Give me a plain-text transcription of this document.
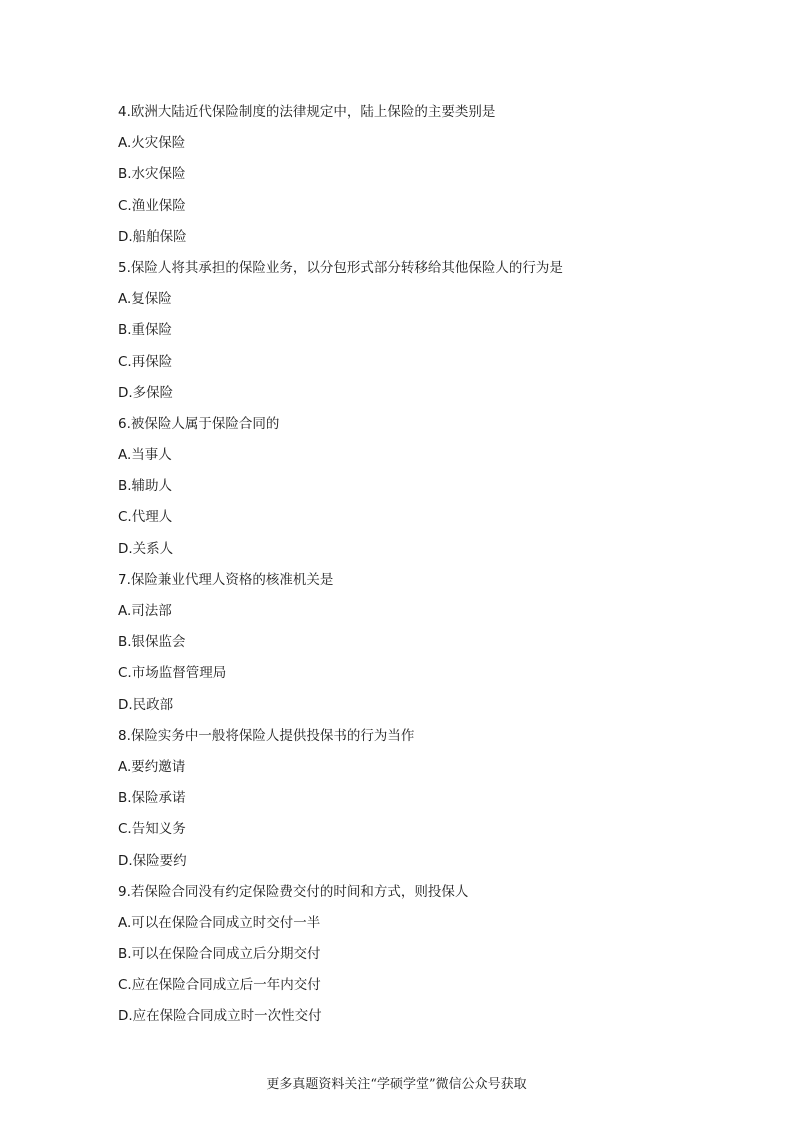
4.欧洲大陆近代保险制度的法律规定中，陆上保险的主要类别是
A.火灾保险
B.水灾保险
C.渔业保险
D.船舶保险
5.保险人将其承担的保险业务，以分包形式部分转移给其他保险人的行为是
A.复保险
B.重保险
C.再保险
D.多保险
6.被保险人属于保险合同的
A.当事人
B.辅助人
C.代理人
D.关系人
7.保险兼业代理人资格的核准机关是
A.司法部
B.银保监会
C.市场监督管理局
D.民政部
8.保险实务中一般将保险人提供投保书的行为当作
A.要约邀请
B.保险承诺
C.告知义务
D.保险要约
9.若保险合同没有约定保险费交付的时间和方式，则投保人
A.可以在保险合同成立时交付一半
B.可以在保险合同成立后分期交付
C.应在保险合同成立后一年内交付
D.应在保险合同成立时一次性交付
更多真题资料关注“学硕学堂”微信公众号获取
